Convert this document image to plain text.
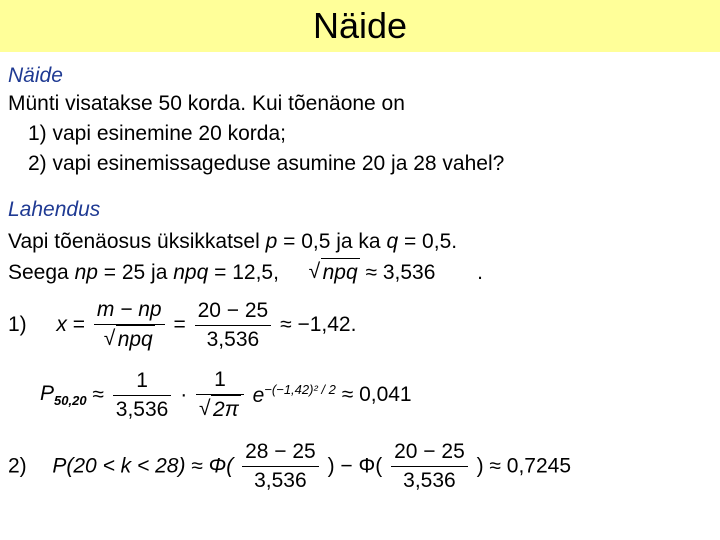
Näide
Näide
Münti visatakse 50 korda. Kui tõenäone on
1) vapi esinemine 20 korda;
2) vapi esinemissageduse asumine 20 ja 28 vahel?
Lahendus
Vapi tõenäosus üksikkatsel p = 0,5 ja ka q = 0,5.
Seega np = 25 ja npq = 12,5, √ npq ≈ 3,536 .
1) $x = \frac{m - np}{\text{√ npq}} = \frac{20 - 25}{3,536} \approx -1,42$.
$P_{50,20} \approx \frac{1}{3,536} \cdot \frac{1}{√ 2\pi} e^{-(-1,42)^2 / 2} \approx 0,041$
2) $P(20 < k < 28) \approx \Phi( \frac{28 - 25}{3,536}$ ) − $\Phi( \frac{20 - 25}{3,536}$ ) ≈ 0,7245
